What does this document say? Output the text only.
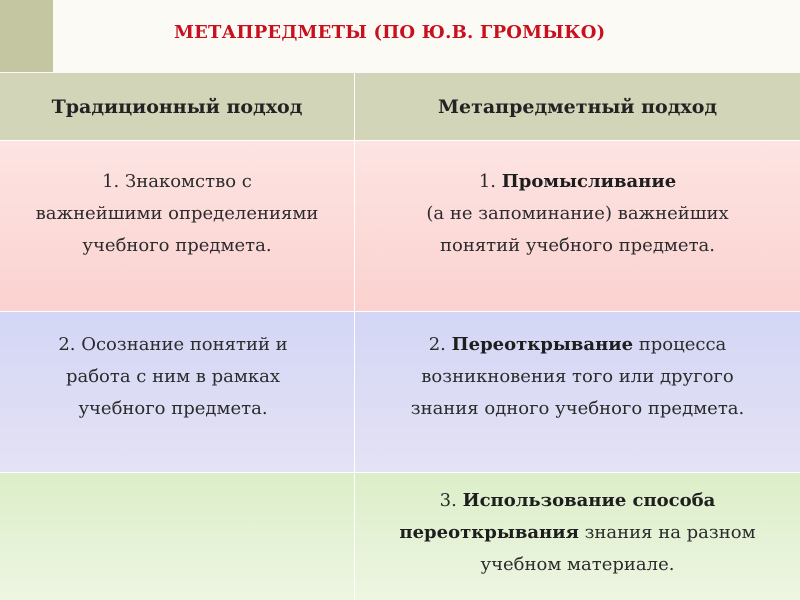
МЕТАПРЕДМЕТЫ (ПО Ю.В. ГРОМЫКО)
Традиционный подход	Метапредметный подход
1. Знакомство с
важнейшими определениями
учебного предмета.
1. Промысливание
(а не запоминание) важнейших
понятий учебного предмета.
2. Осознание понятий и
работа с ним в рамках
учебного предмета.
2. Переоткрывание процесса
возникновения того или другого
знания одного учебного предмета.
3. Использование способа
переоткрывания знания на разном
учебном материале.
